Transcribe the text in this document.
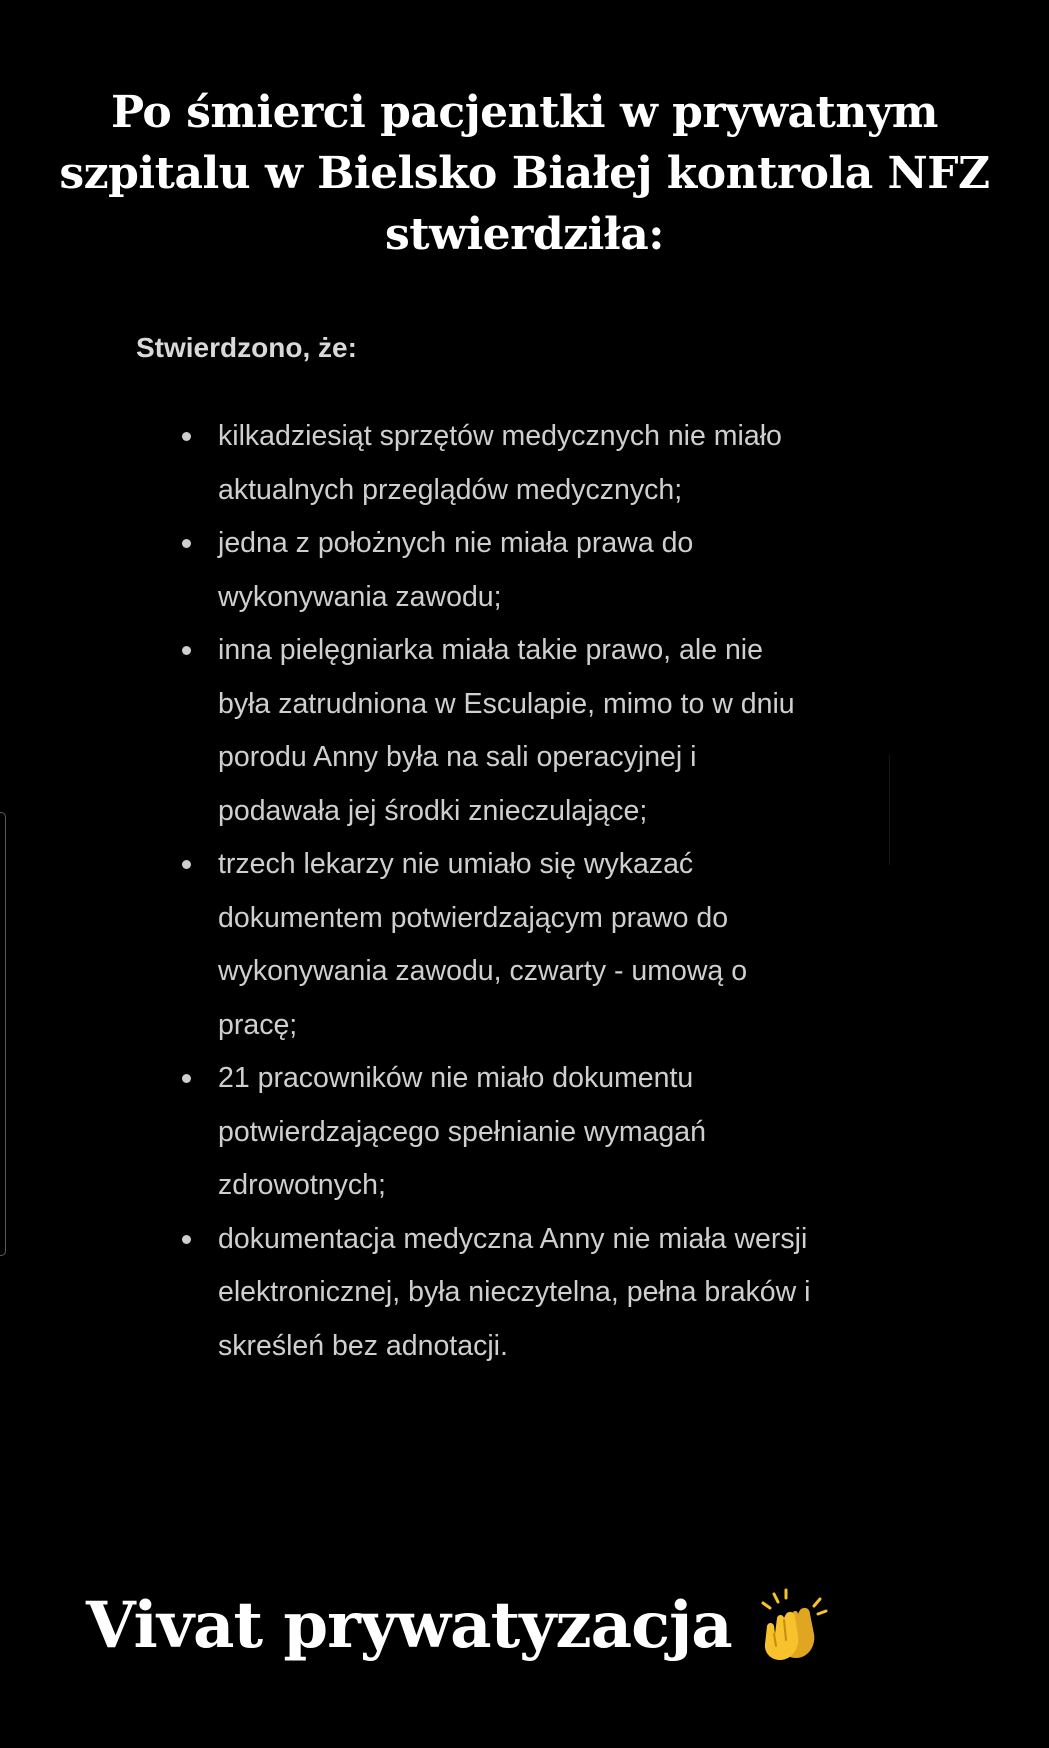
Po śmierci pacjentki w prywatnym szpitalu w Bielsko Białej kontrola NFZ stwierdziła:

Stwierdzono, że:

kilkadziesiąt sprzętów medycznych nie miało aktualnych przeglądów medycznych;
jedna z położnych nie miała prawa do wykonywania zawodu;
inna pielęgniarka miała takie prawo, ale nie była zatrudniona w Esculapie, mimo to w dniu porodu Anny była na sali operacyjnej i podawała jej środki znieczulające;
trzech lekarzy nie umiało się wykazać dokumentem potwierdzającym prawo do wykonywania zawodu, czwarty - umową o pracę;
21 pracowników nie miało dokumentu potwierdzającego spełnianie wymagań zdrowotnych;
dokumentacja medyczna Anny nie miała wersji elektronicznej, była nieczytelna, pełna braków i skreśleń bez adnotacji.

Vivat prywatyzacja
